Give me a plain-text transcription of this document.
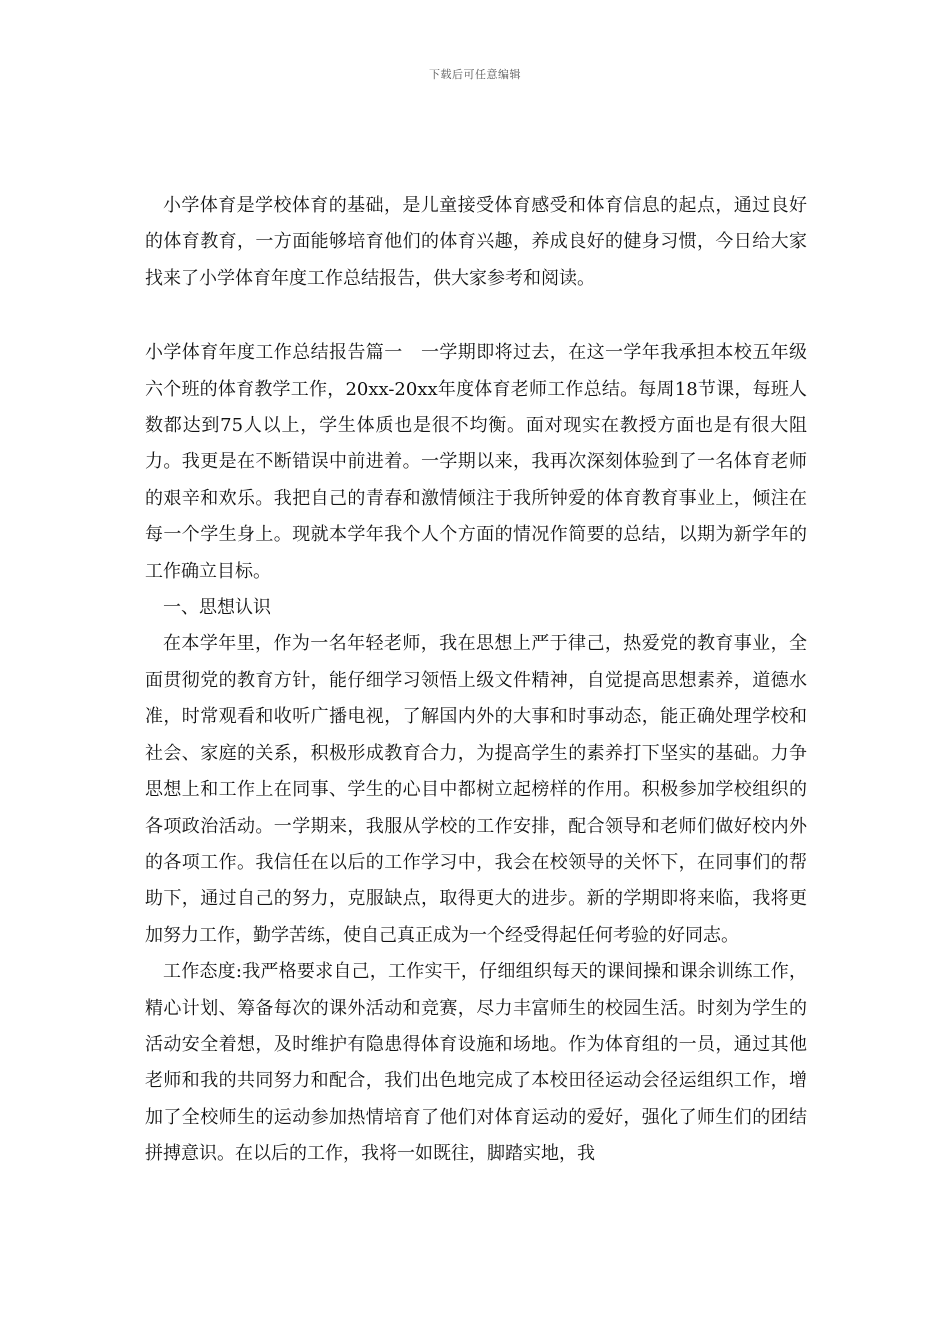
下载后可任意编辑

小学体育是学校体育的基础，是儿童接受体育感受和体育信息的起点，通过良好的体育教育，一方面能够培育他们的体育兴趣，养成良好的健身习惯，今日给大家找来了小学体育年度工作总结报告，供大家参考和阅读。

小学体育年度工作总结报告篇一　一学期即将过去，在这一学年我承担本校五年级六个班的体育教学工作，20xx-20xx年度体育老师工作总结。每周18节课，每班人数都达到75人以上，学生体质也是很不均衡。面对现实在教授方面也是有很大阻力。我更是在不断错误中前进着。一学期以来，我再次深刻体验到了一名体育老师的艰辛和欢乐。我把自己的青春和激情倾注于我所钟爱的体育教育事业上，倾注在每一个学生身上。现就本学年我个人个方面的情况作简要的总结，以期为新学年的工作确立目标。

一、思想认识

在本学年里，作为一名年轻老师，我在思想上严于律己，热爱党的教育事业，全面贯彻党的教育方针，能仔细学习领悟上级文件精神，自觉提高思想素养，道德水准，时常观看和收听广播电视，了解国内外的大事和时事动态，能正确处理学校和社会、家庭的关系，积极形成教育合力，为提高学生的素养打下坚实的基础。力争思想上和工作上在同事、学生的心目中都树立起榜样的作用。积极参加学校组织的各项政治活动。一学期来，我服从学校的工作安排，配合领导和老师们做好校内外的各项工作。我信任在以后的工作学习中，我会在校领导的关怀下，在同事们的帮助下，通过自己的努力，克服缺点，取得更大的进步。新的学期即将来临，我将更加努力工作，勤学苦练，使自己真正成为一个经受得起任何考验的好同志。

工作态度:我严格要求自己，工作实干，仔细组织每天的课间操和课余训练工作，精心计划、筹备每次的课外活动和竞赛，尽力丰富师生的校园生活。时刻为学生的活动安全着想，及时维护有隐患得体育设施和场地。作为体育组的一员，通过其他老师和我的共同努力和配合，我们出色地完成了本校田径运动会径运组织工作，增加了全校师生的运动参加热情培育了他们对体育运动的爱好，强化了师生们的团结拼搏意识。在以后的工作，我将一如既往，脚踏实地，我
